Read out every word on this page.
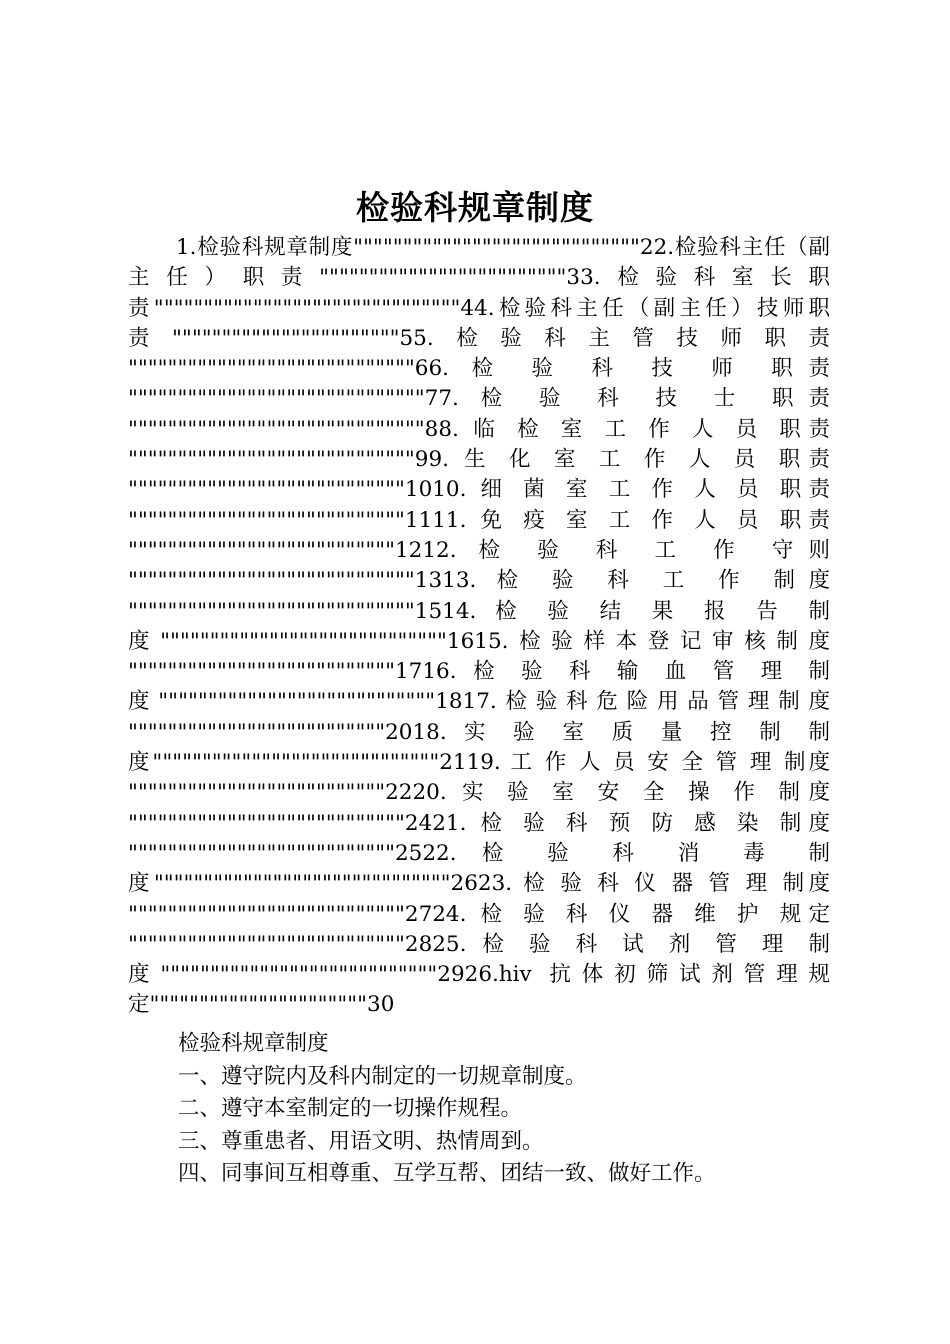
检验科规章制度

1.检验科规章制度"""""""""""""""""""""""""""""22.检验科主任（副主任）职责"""""""""""""""""""""""""33.检验科室长职责"""""""""""""""""""""""""""""""44.检验科主任（副主任）技师职责"""""""""""""""""""""""55.检验科主管技师职责 """""""""""""""""""""""""""""66. 检 验 科 技 师 职责 """"""""""""""""""""""""""""""77. 检 验 科 技 士 职责 """"""""""""""""""""""""""""""88. 临 检 室 工 作 人 员 职责 """""""""""""""""""""""""""""99. 生 化 室 工 作 人 员 职责 """"""""""""""""""""""""""""1010. 细 菌 室 工 作 人 员 职责 """"""""""""""""""""""""""""1111. 免 疫 室 工 作 人 员 职责 """""""""""""""""""""""""""1212. 检 验 科 工 作 守则 """""""""""""""""""""""""""""1313. 检 验 科 工 作 制度 """""""""""""""""""""""""""""1514. 检 验 结 果 报 告 制度"""""""""""""""""""""""""""""1615.检验样本登记审核制度 """""""""""""""""""""""""""1716. 检 验 科 输 血 管 理 制度""""""""""""""""""""""""""""1817.检验科危险用品管理制度 """"""""""""""""""""""""""2018. 实 验 室 质 量 控 制 制度"""""""""""""""""""""""""""""2119. 工 作 人 员 安 全 管 理 制度 """"""""""""""""""""""""""2220. 实 验 室 安 全 操 作 制度 """"""""""""""""""""""""""""2421. 检 验 科 预 防 感 染 制度 """""""""""""""""""""""""""2522. 检 验 科 消 毒 制度""""""""""""""""""""""""""""""2623. 检 验 科 仪 器 管 理 制度 """"""""""""""""""""""""""""2724. 检 验 科 仪 器 维 护 规定 """"""""""""""""""""""""""""2825. 检 验 科 试 剂 管 理 制度""""""""""""""""""""""""""""2926.hiv 抗体初筛试剂管理规定""""""""""""""""""""""30

检验科规章制度

一、遵守院内及科内制定的一切规章制度。

二、遵守本室制定的一切操作规程。

三、尊重患者、用语文明、热情周到。

四、同事间互相尊重、互学互帮、团结一致、做好工作。
